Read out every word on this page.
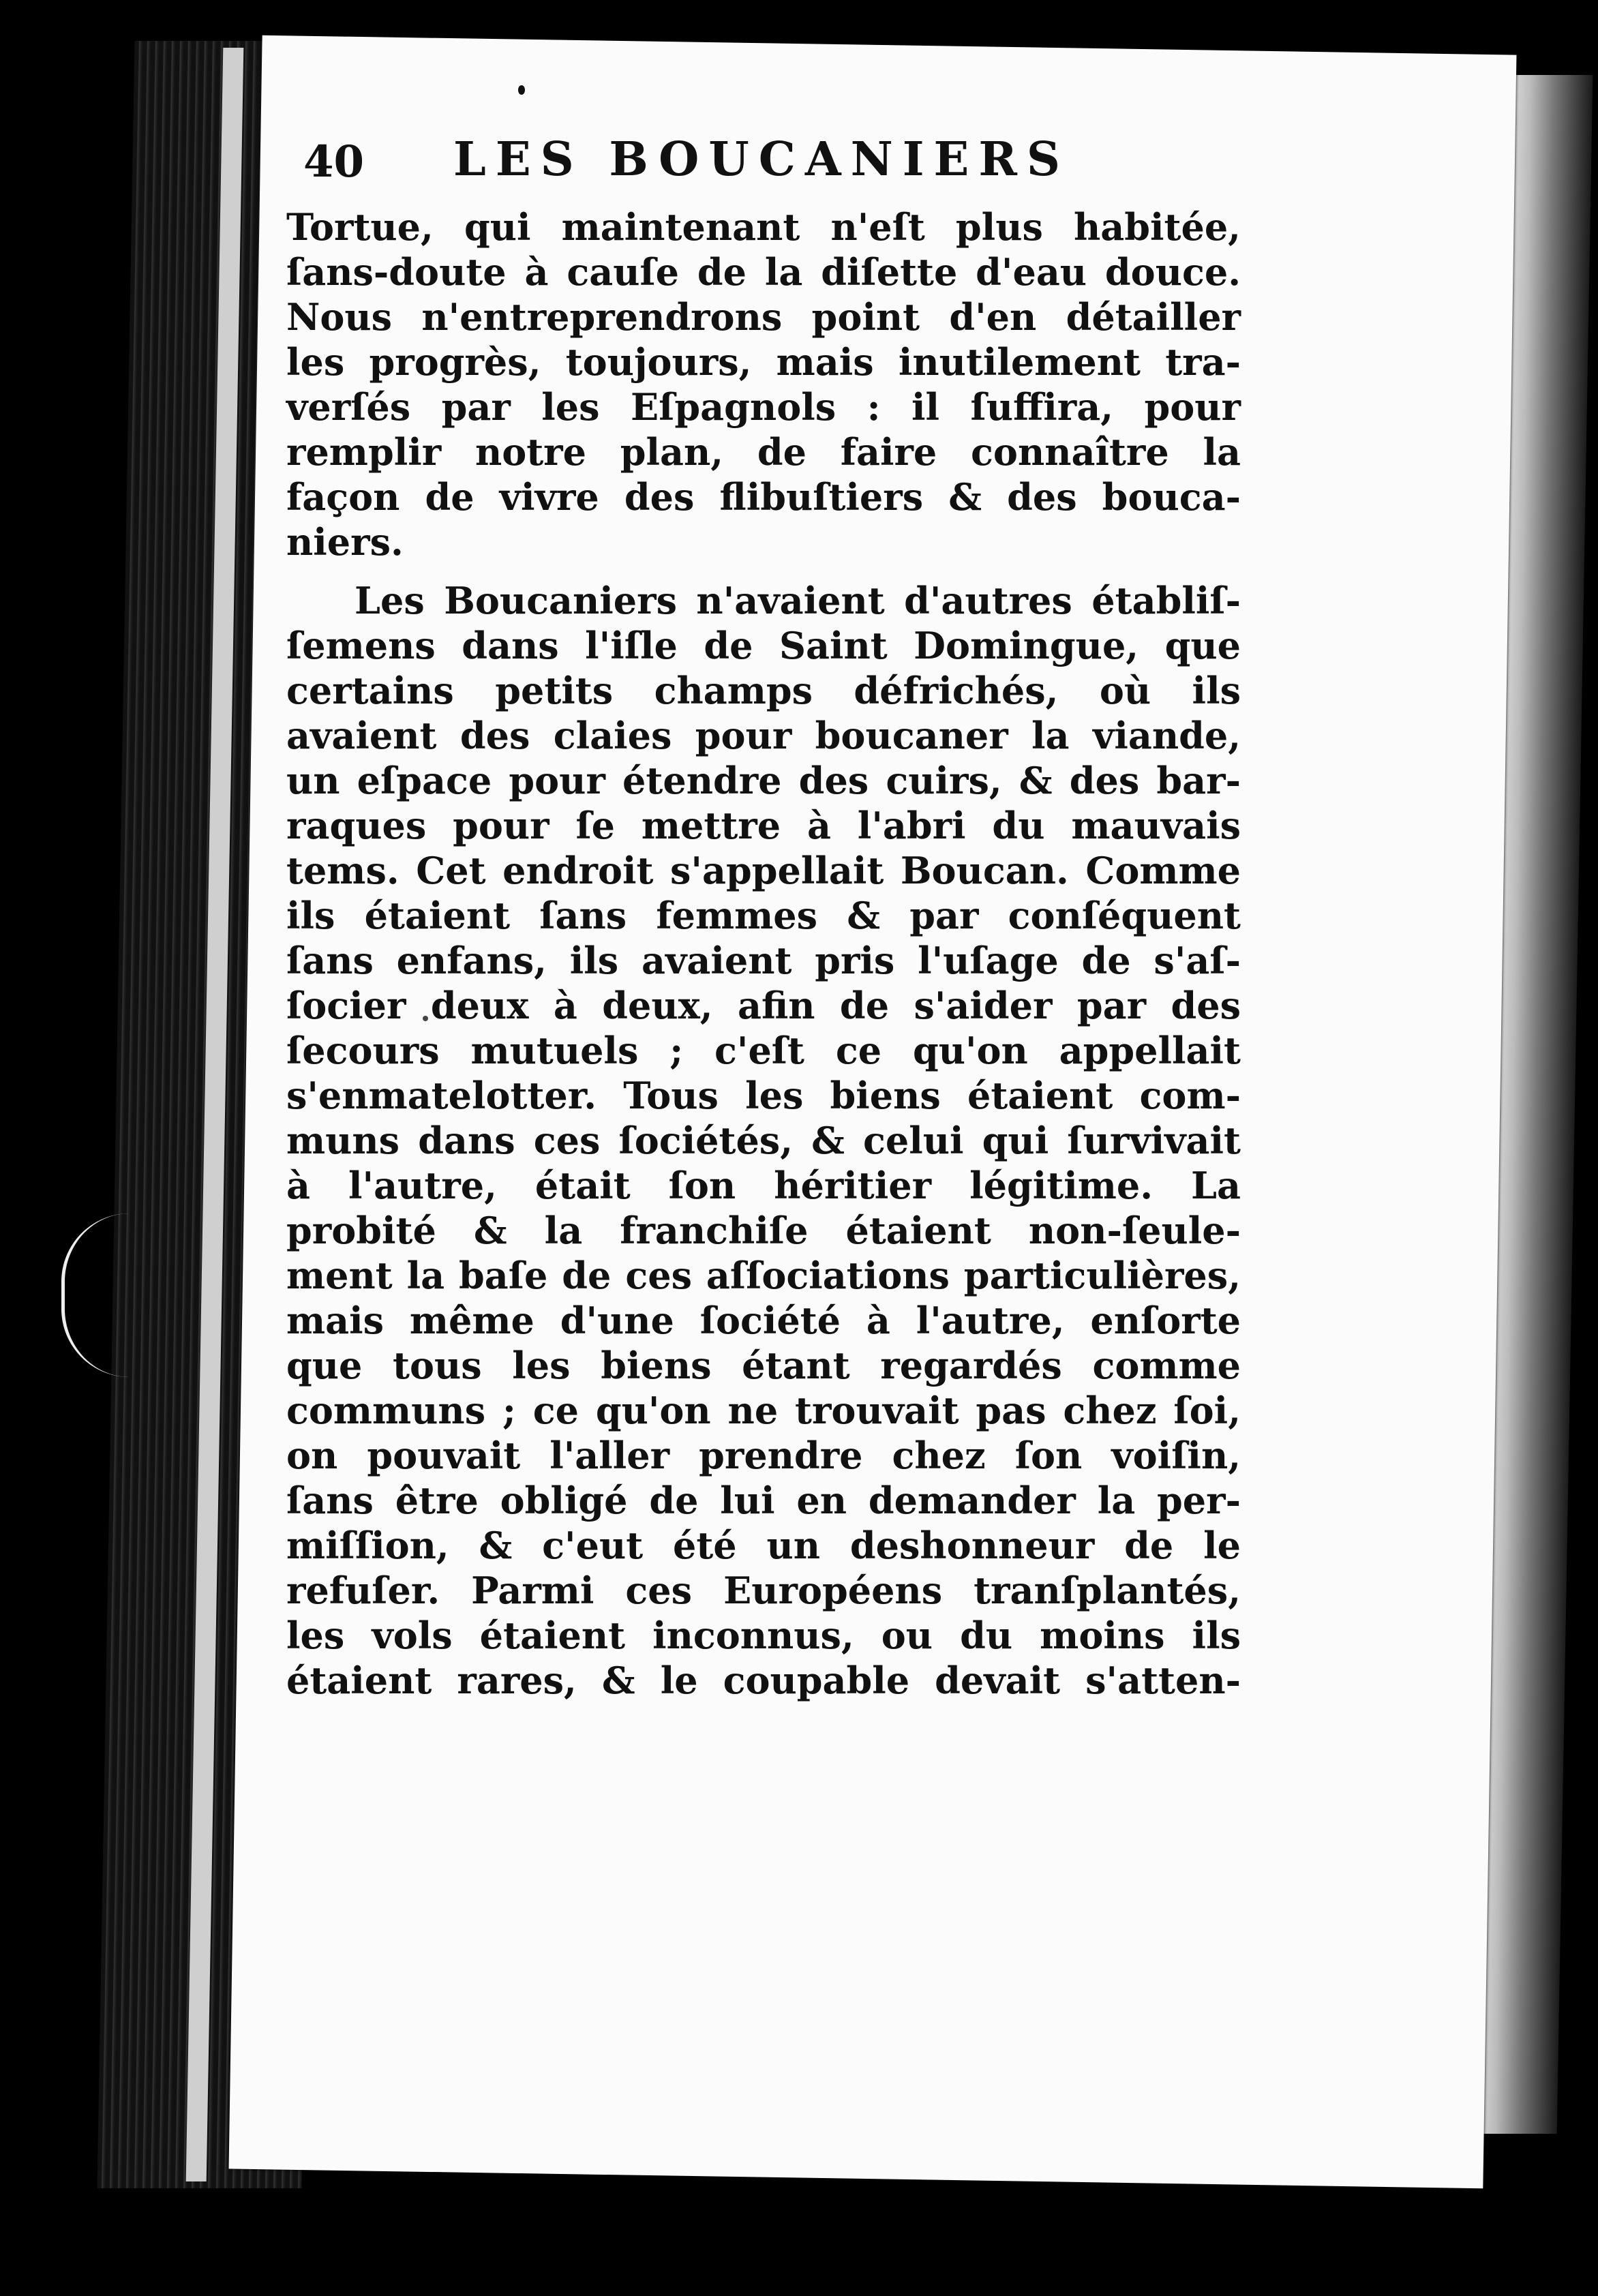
40 LES BOUCANIERS
Tortue, qui maintenant n'eſt plus habitée,
ſans-doute à cauſe de la diſette d'eau douce.
Nous n'entreprendrons point d'en détailler
les progrès, toujours, mais inutilement tra-
verſés par les Eſpagnols : il ſuffira, pour
remplir notre plan, de faire connaître la
façon de vivre des flibuſtiers & des bouca-
niers.
Les Boucaniers n'avaient d'autres établiſ-
ſemens dans l'iſle de Saint Domingue, que
certains petits champs défrichés, où ils
avaient des claies pour boucaner la viande,
un eſpace pour étendre des cuirs, & des bar-
raques pour ſe mettre à l'abri du mauvais
tems. Cet endroit s'appellait Boucan. Comme
ils étaient ſans femmes & par conſéquent
ſans enfans, ils avaient pris l'uſage de s'aſ-
ſocier deux à deux, afin de s'aider par des
ſecours mutuels ; c'eſt ce qu'on appellait
s'enmatelotter. Tous les biens étaient com-
muns dans ces ſociétés, & celui qui ſurvivait
à l'autre, était ſon héritier légitime. La
probité & la franchiſe étaient non-ſeule-
ment la baſe de ces aſſociations particulières,
mais même d'une ſociété à l'autre, enſorte
que tous les biens étant regardés comme
communs ; ce qu'on ne trouvait pas chez ſoi,
on pouvait l'aller prendre chez ſon voiſin,
ſans être obligé de lui en demander la per-
miſſion, & c'eut été un deshonneur de le
refuſer. Parmi ces Européens tranſplantés,
les vols étaient inconnus, ou du moins ils
étaient rares, & le coupable devait s'atten-
